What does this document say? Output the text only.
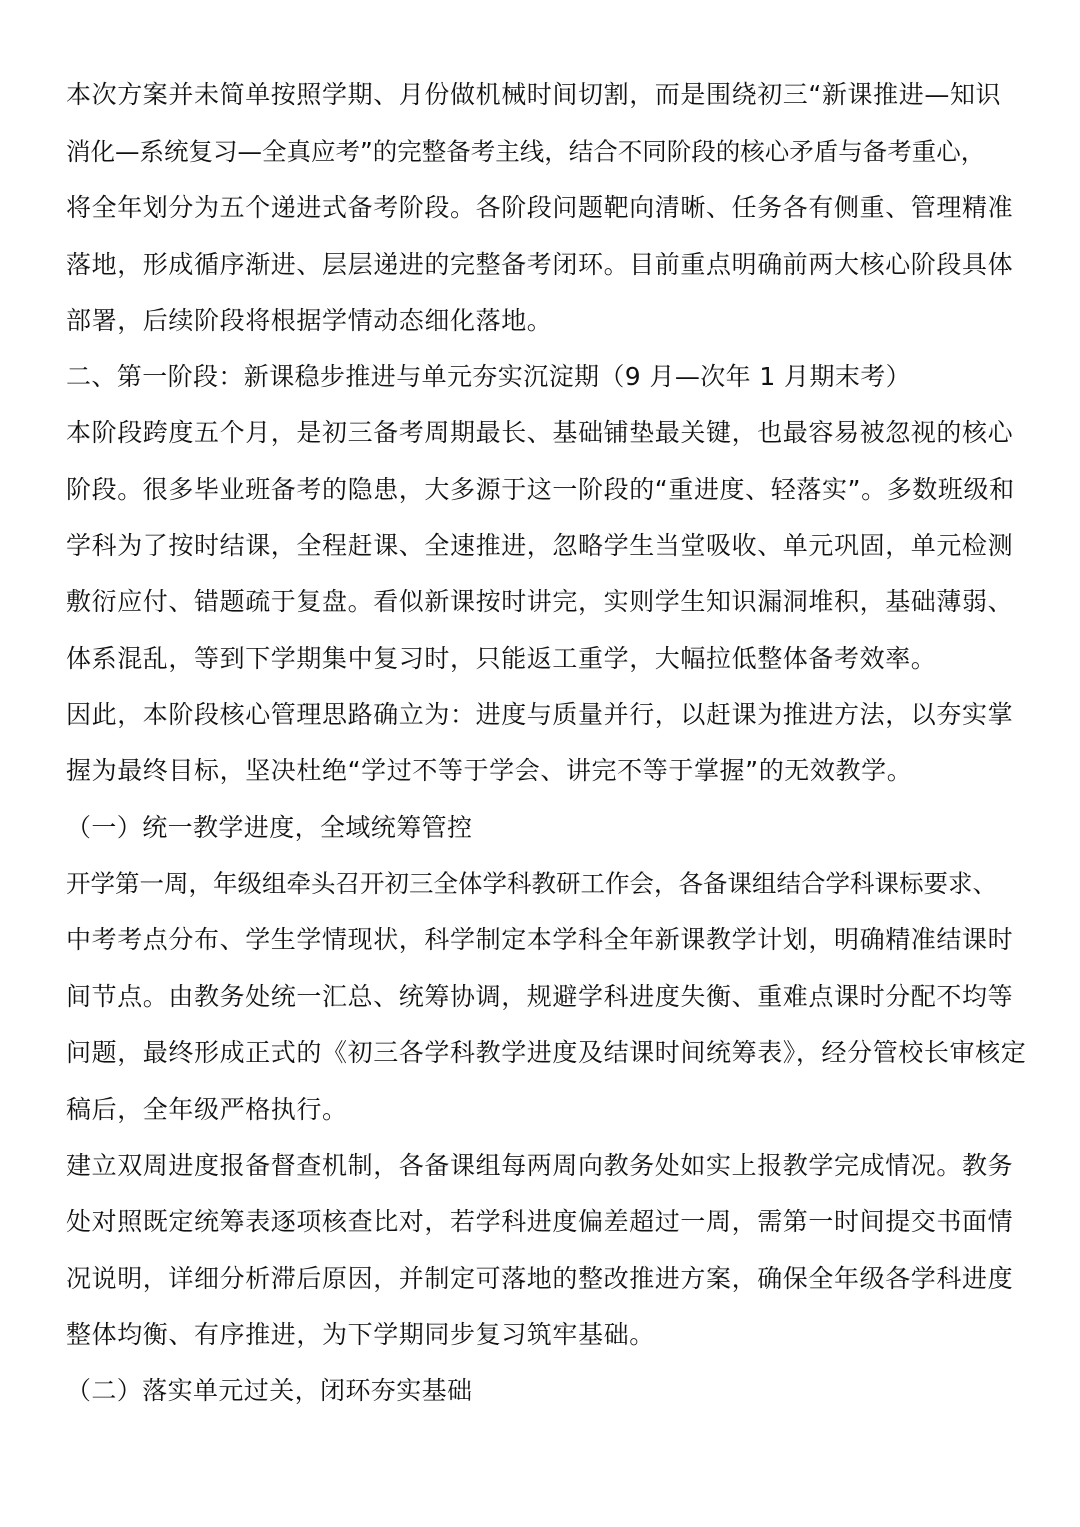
本次方案并未简单按照学期、月份做机械时间切割，而是围绕初三“新课推进—知识
消化—系统复习—全真应考”的完整备考主线，结合不同阶段的核心矛盾与备考重心，
将全年划分为五个递进式备考阶段。各阶段问题靶向清晰、任务各有侧重、管理精准
落地，形成循序渐进、层层递进的完整备考闭环。目前重点明确前两大核心阶段具体
部署，后续阶段将根据学情动态细化落地。
二、第一阶段：新课稳步推进与单元夯实沉淀期（9 月—次年 1 月期末考）
本阶段跨度五个月，是初三备考周期最长、基础铺垫最关键，也最容易被忽视的核心
阶段。很多毕业班备考的隐患，大多源于这一阶段的“重进度、轻落实”。多数班级和
学科为了按时结课，全程赶课、全速推进，忽略学生当堂吸收、单元巩固，单元检测
敷衍应付、错题疏于复盘。看似新课按时讲完，实则学生知识漏洞堆积，基础薄弱、
体系混乱，等到下学期集中复习时，只能返工重学，大幅拉低整体备考效率。
因此，本阶段核心管理思路确立为：进度与质量并行，以赶课为推进方法，以夯实掌
握为最终目标，坚决杜绝“学过不等于学会、讲完不等于掌握”的无效教学。
（一）统一教学进度，全域统筹管控
开学第一周，年级组牵头召开初三全体学科教研工作会，各备课组结合学科课标要求、
中考考点分布、学生学情现状，科学制定本学科全年新课教学计划，明确精准结课时
间节点。由教务处统一汇总、统筹协调，规避学科进度失衡、重难点课时分配不均等
问题，最终形成正式的《初三各学科教学进度及结课时间统筹表》，经分管校长审核定
稿后，全年级严格执行。
建立双周进度报备督查机制，各备课组每两周向教务处如实上报教学完成情况。教务
处对照既定统筹表逐项核查比对，若学科进度偏差超过一周，需第一时间提交书面情
况说明，详细分析滞后原因，并制定可落地的整改推进方案，确保全年级各学科进度
整体均衡、有序推进，为下学期同步复习筑牢基础。
（二）落实单元过关，闭环夯实基础
